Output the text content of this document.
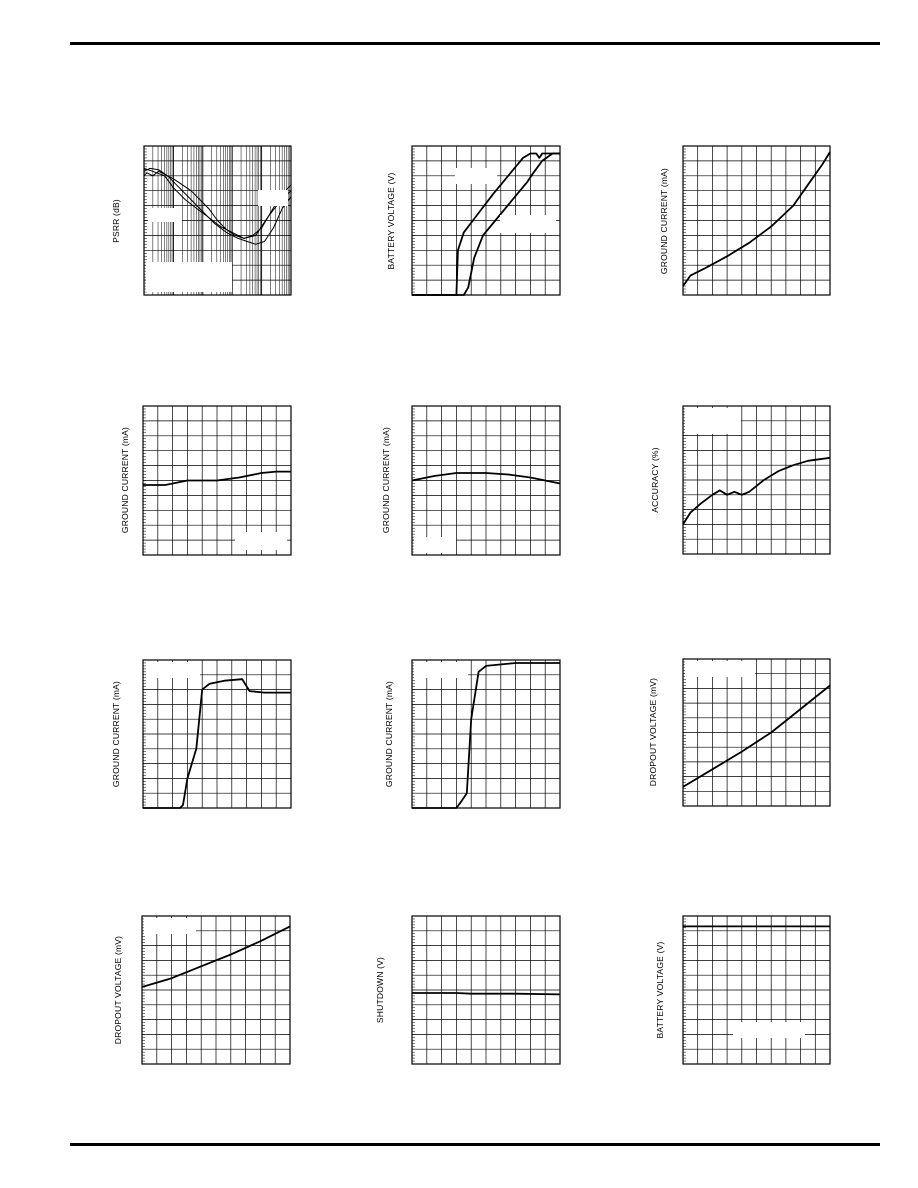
PSRR (dB)	BATTERY VOLTAGE (V)	GROUND CURRENT (mA)
GROUND CURRENT (mA)	GROUND CURRENT (mA)	ACCURACY (%)
GROUND CURRENT (mA)	GROUND CURRENT (mA)	DROPOUT VOLTAGE (mV)
DROPOUT VOLTAGE (mV)	SHUTDOWN (V)	BATTERY VOLTAGE (V)
